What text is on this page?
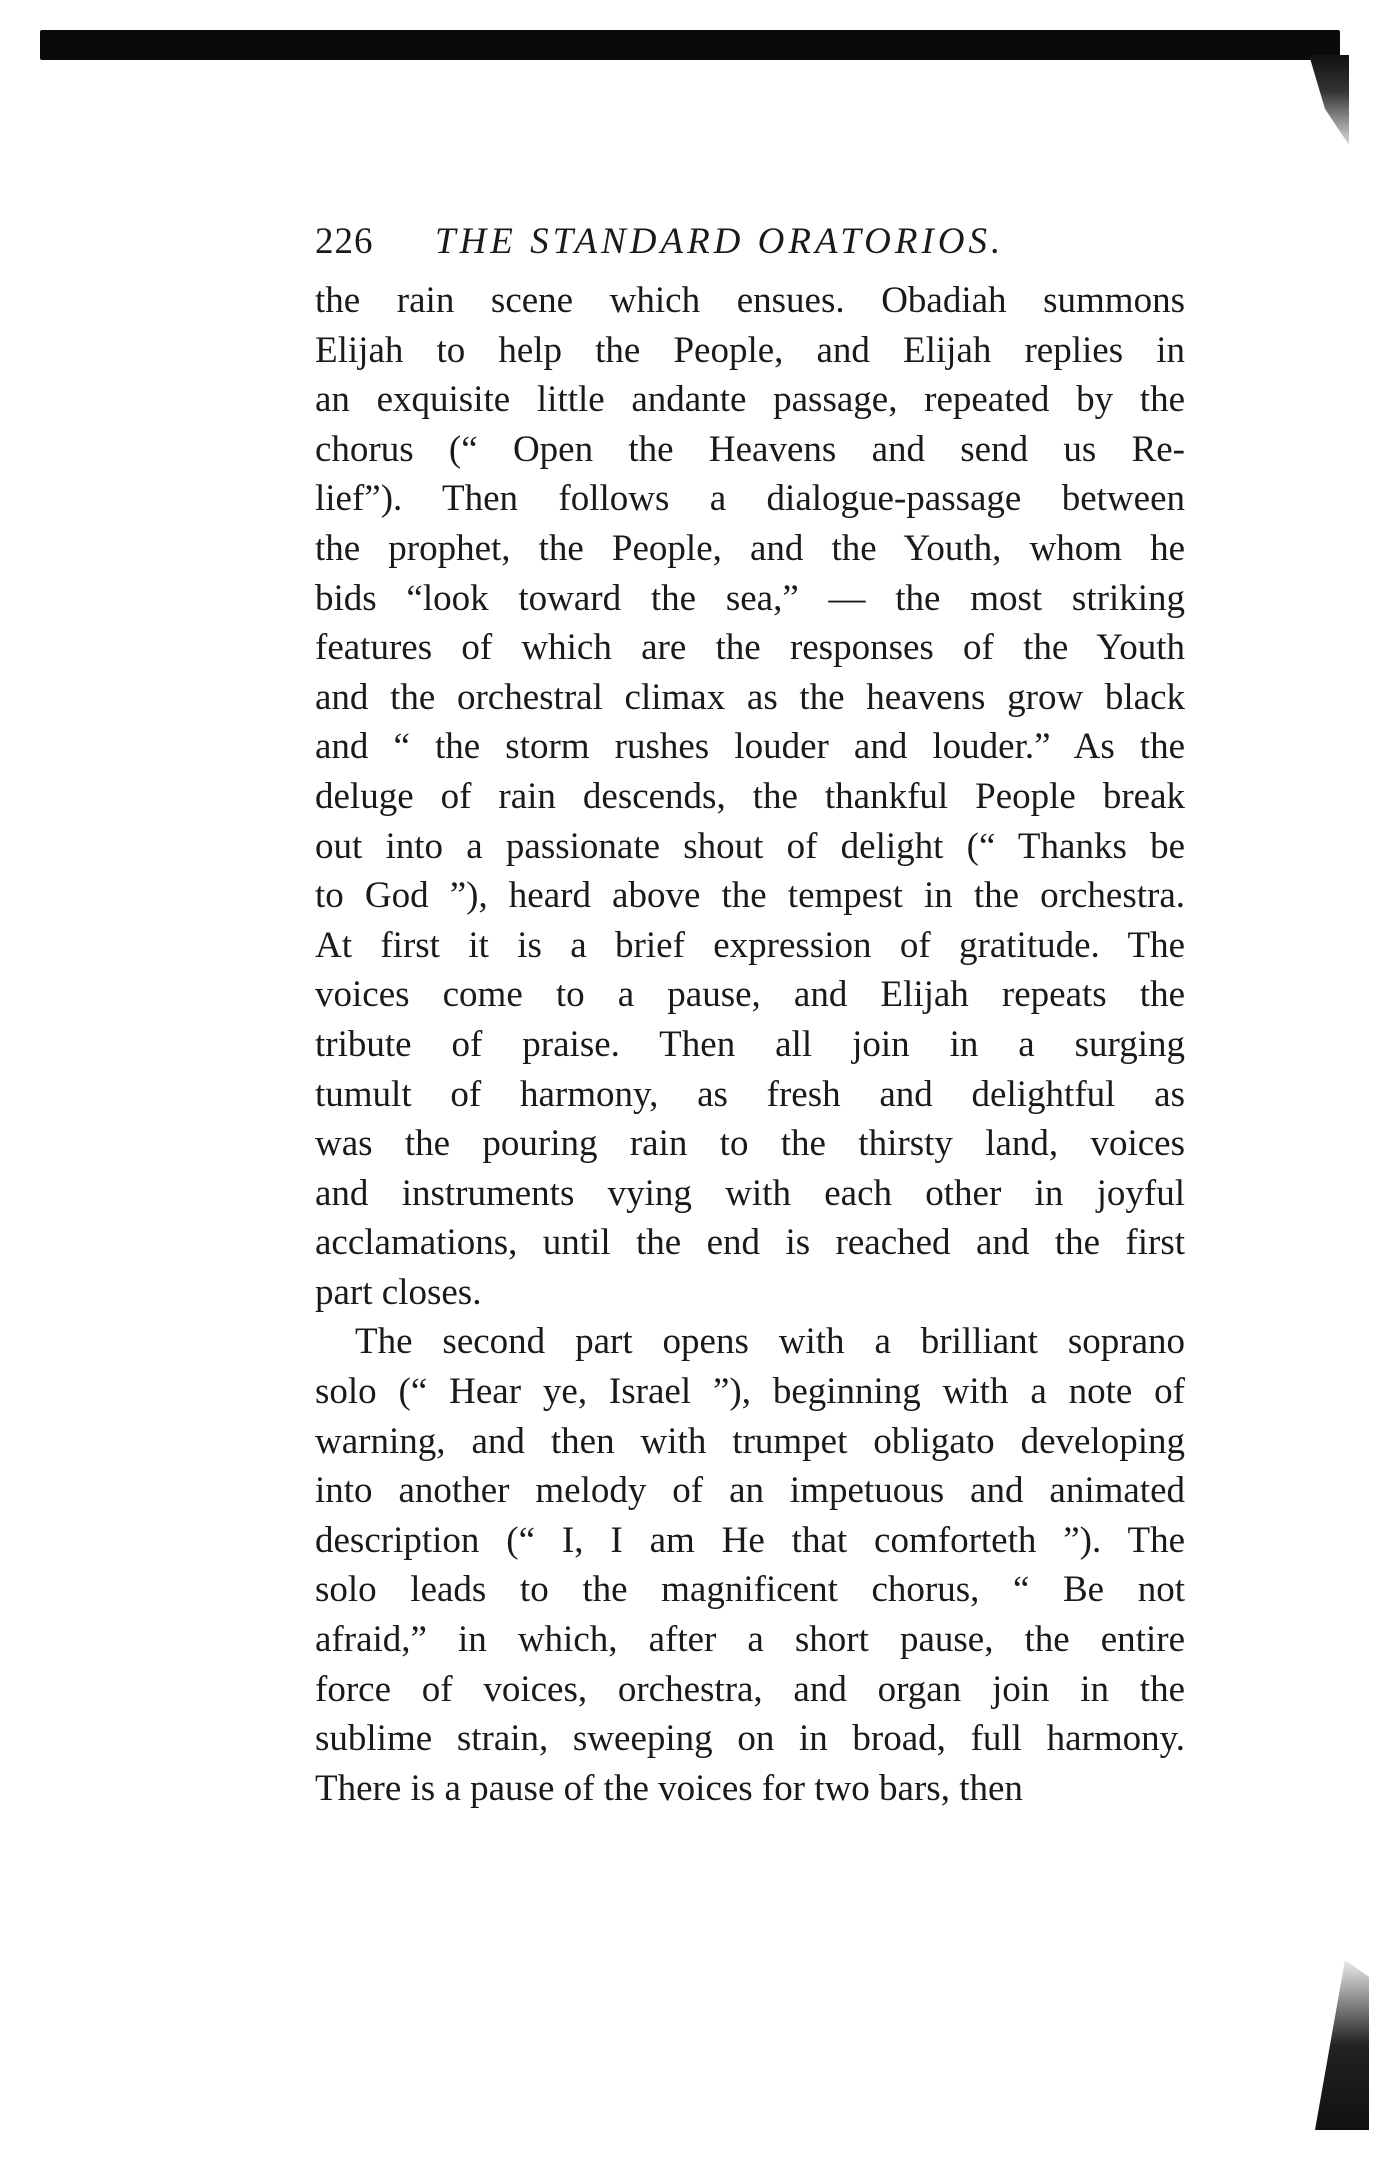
226 THE STANDARD ORATORIOS.
the rain scene which ensues. Obadiah summons
Elijah to help the People, and Elijah replies in
an exquisite little andante passage, repeated by the
chorus (“ Open the Heavens and send us Re-
lief”). Then follows a dialogue-passage between
the prophet, the People, and the Youth, whom he
bids “look toward the sea,” — the most striking
features of which are the responses of the Youth
and the orchestral climax as the heavens grow black
and “ the storm rushes louder and louder.” As the
deluge of rain descends, the thankful People break
out into a passionate shout of delight (“ Thanks be
to God ”), heard above the tempest in the orchestra.
At first it is a brief expression of gratitude. The
voices come to a pause, and Elijah repeats the
tribute of praise. Then all join in a surging
tumult of harmony, as fresh and delightful as
was the pouring rain to the thirsty land, voices
and instruments vying with each other in joyful
acclamations, until the end is reached and the first
part closes.
The second part opens with a brilliant soprano
solo (“ Hear ye, Israel ”), beginning with a note of
warning, and then with trumpet obligato developing
into another melody of an impetuous and animated
description (“ I, I am He that comforteth ”). The
solo leads to the magnificent chorus, “ Be not
afraid,” in which, after a short pause, the entire
force of voices, orchestra, and organ join in the
sublime strain, sweeping on in broad, full harmony.
There is a pause of the voices for two bars, then
